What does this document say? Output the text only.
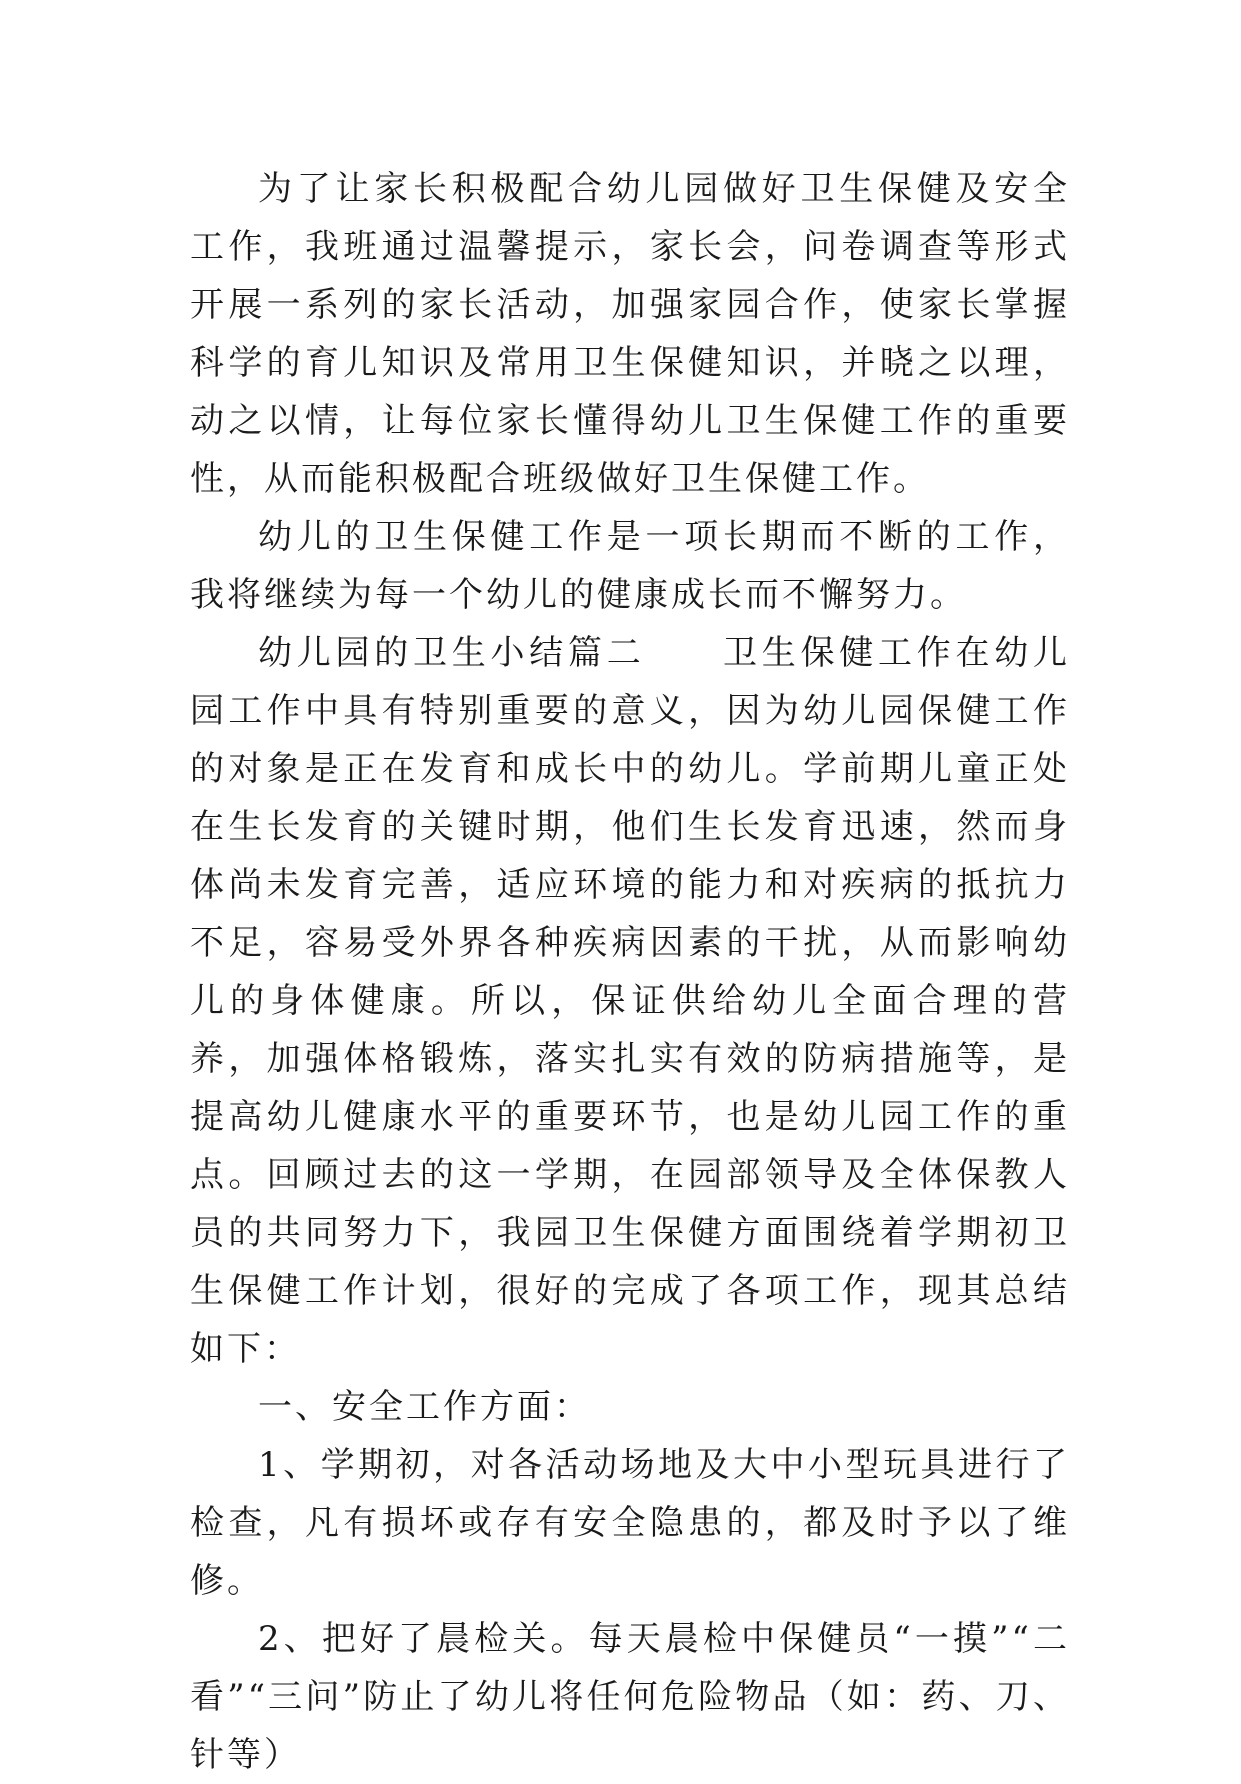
为了让家长积极配合幼儿园做好卫生保健及安全工作，我班通过温馨提示，家长会，问卷调查等形式开展一系列的家长活动，加强家园合作，使家长掌握科学的育儿知识及常用卫生保健知识，并晓之以理，动之以情，让每位家长懂得幼儿卫生保健工作的重要性，从而能积极配合班级做好卫生保健工作。

幼儿的卫生保健工作是一项长期而不断的工作，我将继续为每一个幼儿的健康成长而不懈努力。

幼儿园的卫生小结篇二　　卫生保健工作在幼儿园工作中具有特别重要的意义，因为幼儿园保健工作的对象是正在发育和成长中的幼儿。学前期儿童正处在生长发育的关键时期，他们生长发育迅速，然而身体尚未发育完善，适应环境的能力和对疾病的抵抗力不足，容易受外界各种疾病因素的干扰，从而影响幼儿的身体健康。所以，保证供给幼儿全面合理的营养，加强体格锻炼，落实扎实有效的防病措施等，是提高幼儿健康水平的重要环节，也是幼儿园工作的重点。回顾过去的这一学期，在园部领导及全体保教人员的共同努力下，我园卫生保健方面围绕着学期初卫生保健工作计划，很好的完成了各项工作，现其总结如下：

一、安全工作方面：

1、学期初，对各活动场地及大中小型玩具进行了检查，凡有损坏或存有安全隐患的，都及时予以了维修。

2、把好了晨检关。每天晨检中保健员“一摸”“二看”“三问”防止了幼儿将任何危险物品（如：药、刀、针等）
